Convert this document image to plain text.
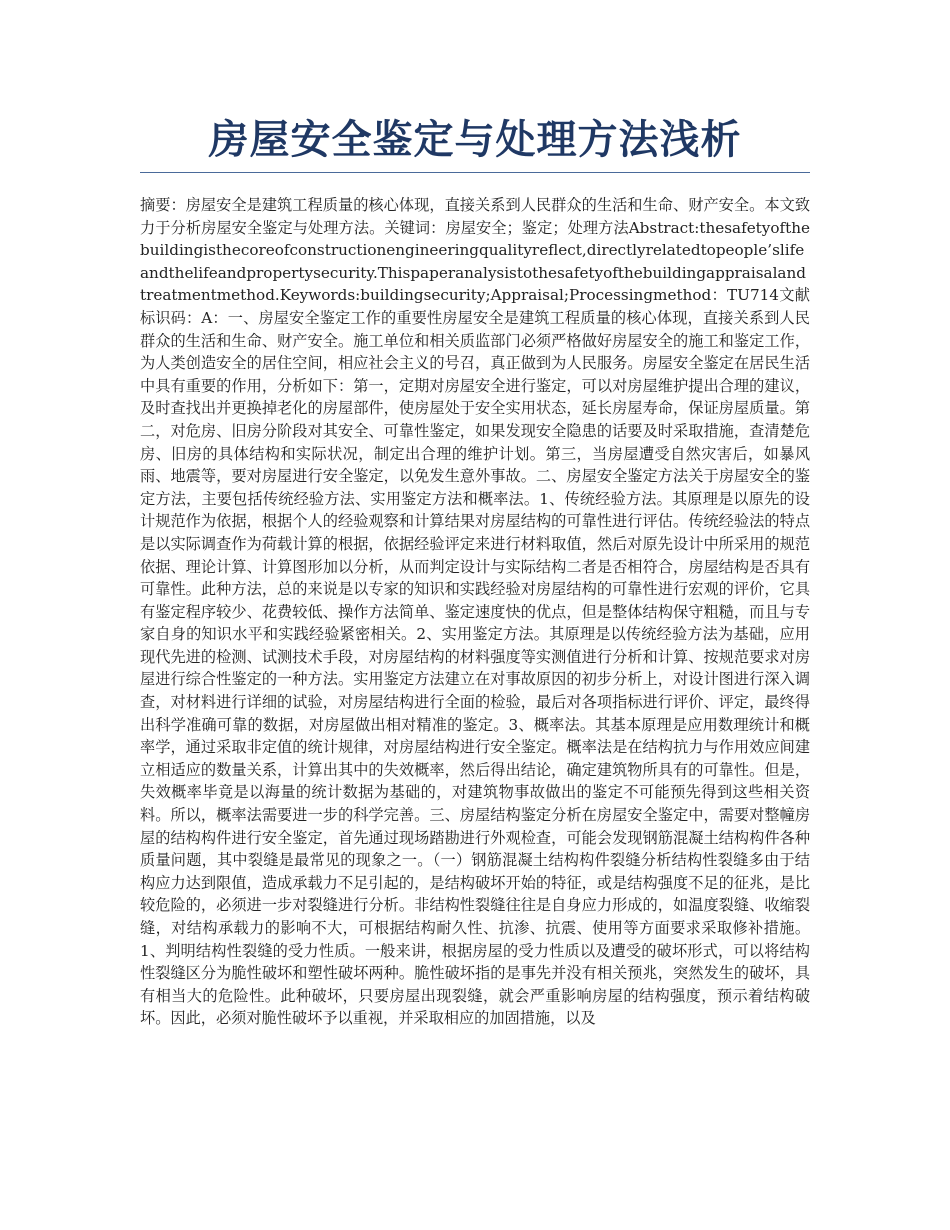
房屋安全鉴定与处理方法浅析

摘要：房屋安全是建筑工程质量的核心体现，直接关系到人民群众的生活和生命、财产安全。本文致力于分析房屋安全鉴定与处理方法。关键词：房屋安全；鉴定；处理方法Abstract:thesafetyofthebuildingisthecoreofconstructionengineeringqualityreflect,directlyrelatedtopeople’slifeandthelifeandpropertysecurity.Thispaperanalysistothesafetyofthebuildingappraisalandtreatmentmethod.Keywords:buildingsecurity;Appraisal;Processingmethod：TU714文献标识码：A：一、房屋安全鉴定工作的重要性房屋安全是建筑工程质量的核心体现，直接关系到人民群众的生活和生命、财产安全。施工单位和相关质监部门必须严格做好房屋安全的施工和鉴定工作，为人类创造安全的居住空间，相应社会主义的号召，真正做到为人民服务。房屋安全鉴定在居民生活中具有重要的作用，分析如下：第一，定期对房屋安全进行鉴定，可以对房屋维护提出合理的建议，及时查找出并更换掉老化的房屋部件，使房屋处于安全实用状态，延长房屋寿命，保证房屋质量。第二，对危房、旧房分阶段对其安全、可靠性鉴定，如果发现安全隐患的话要及时采取措施，查清楚危房、旧房的具体结构和实际状况，制定出合理的维护计划。第三，当房屋遭受自然灾害后，如暴风雨、地震等，要对房屋进行安全鉴定，以免发生意外事故。二、房屋安全鉴定方法关于房屋安全的鉴定方法，主要包括传统经验方法、实用鉴定方法和概率法。1、传统经验方法。其原理是以原先的设计规范作为依据，根据个人的经验观察和计算结果对房屋结构的可靠性进行评估。传统经验法的特点是以实际调查作为荷载计算的根据，依据经验评定来进行材料取值，然后对原先设计中所采用的规范依据、理论计算、计算图形加以分析，从而判定设计与实际结构二者是否相符合，房屋结构是否具有可靠性。此种方法，总的来说是以专家的知识和实践经验对房屋结构的可靠性进行宏观的评价，它具有鉴定程序较少、花费较低、操作方法简单、鉴定速度快的优点，但是整体结构保守粗糙，而且与专家自身的知识水平和实践经验紧密相关。2、实用鉴定方法。其原理是以传统经验方法为基础，应用现代先进的检测、试测技术手段，对房屋结构的材料强度等实测值进行分析和计算、按规范要求对房屋进行综合性鉴定的一种方法。实用鉴定方法建立在对事故原因的初步分析上，对设计图进行深入调查，对材料进行详细的试验，对房屋结构进行全面的检验，最后对各项指标进行评价、评定，最终得出科学准确可靠的数据，对房屋做出相对精准的鉴定。3、概率法。其基本原理是应用数理统计和概率学，通过采取非定值的统计规律，对房屋结构进行安全鉴定。概率法是在结构抗力与作用效应间建立相适应的数量关系，计算出其中的失效概率，然后得出结论，确定建筑物所具有的可靠性。但是，失效概率毕竟是以海量的统计数据为基础的，对建筑物事故做出的鉴定不可能预先得到这些相关资料。所以，概率法需要进一步的科学完善。三、房屋结构鉴定分析在房屋安全鉴定中，需要对整幢房屋的结构构件进行安全鉴定，首先通过现场踏勘进行外观检查，可能会发现钢筋混凝土结构构件各种质量问题，其中裂缝是最常见的现象之一。（一）钢筋混凝土结构构件裂缝分析结构性裂缝多由于结构应力达到限值，造成承载力不足引起的，是结构破坏开始的特征，或是结构强度不足的征兆，是比较危险的，必须进一步对裂缝进行分析。非结构性裂缝往往是自身应力形成的，如温度裂缝、收缩裂缝，对结构承载力的影响不大，可根据结构耐久性、抗渗、抗震、使用等方面要求采取修补措施。1、判明结构性裂缝的受力性质。一般来讲，根据房屋的受力性质以及遭受的破坏形式，可以将结构性裂缝区分为脆性破坏和塑性破坏两种。脆性破坏指的是事先并没有相关预兆，突然发生的破坏，具有相当大的危险性。此种破坏，只要房屋出现裂缝，就会严重影响房屋的结构强度，预示着结构破坏。因此，必须对脆性破坏予以重视，并采取相应的加固措施，以及
